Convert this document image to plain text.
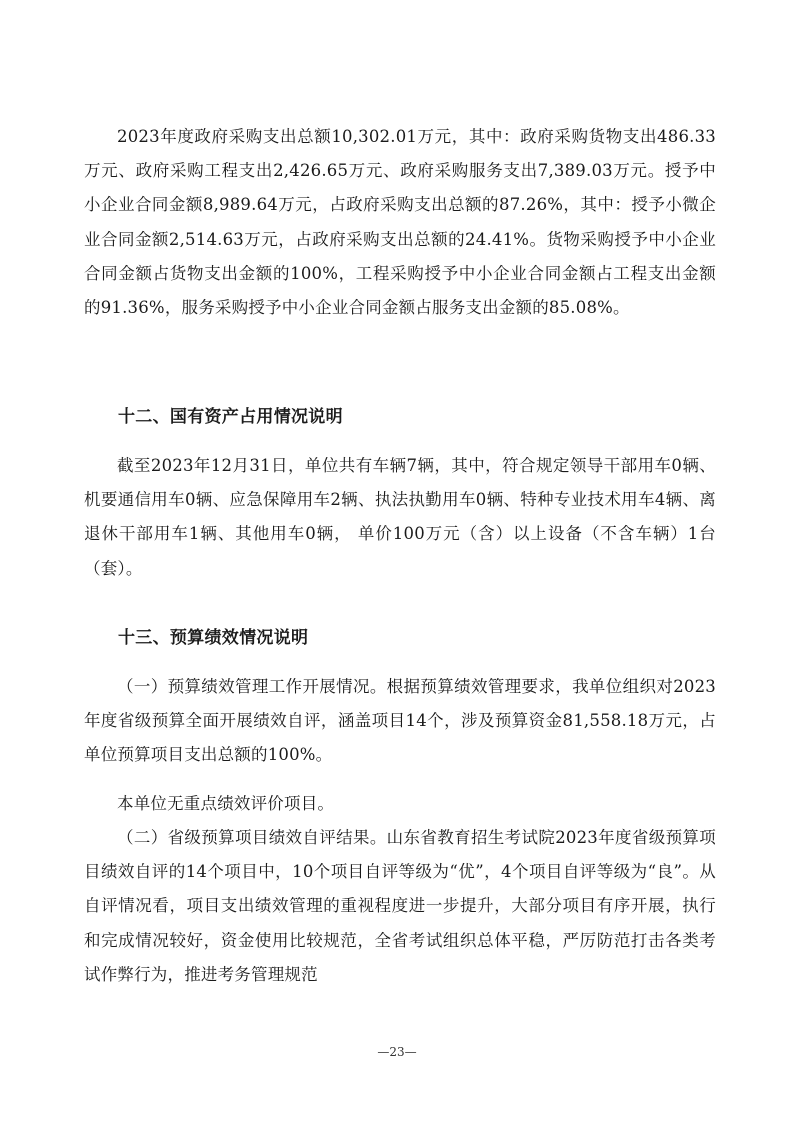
2023年度政府采购支出总额10,302.01万元，其中：政府采购货物支出486.33万元、政府采购工程支出2,426.65万元、政府采购服务支出7,389.03万元。授予中小企业合同金额8,989.64万元，占政府采购支出总额的87.26%，其中：授予小微企业合同金额2,514.63万元，占政府采购支出总额的24.41%。货物采购授予中小企业合同金额占货物支出金额的100%，工程采购授予中小企业合同金额占工程支出金额的91.36%，服务采购授予中小企业合同金额占服务支出金额的85.08%。

十二、国有资产占用情况说明

截至2023年12月31日，单位共有车辆7辆，其中，符合规定领导干部用车0辆、机要通信用车0辆、应急保障用车2辆、执法执勤用车0辆、特种专业技术用车4辆、离退休干部用车1辆、其他用车0辆， 单价100万元（含）以上设备（不含车辆）1台（套）。

十三、预算绩效情况说明

（一）预算绩效管理工作开展情况。根据预算绩效管理要求，我单位组织对2023年度省级预算全面开展绩效自评，涵盖项目14个，涉及预算资金81,558.18万元，占单位预算项目支出总额的100%。

本单位无重点绩效评价项目。

（二）省级预算项目绩效自评结果。山东省教育招生考试院2023年度省级预算项目绩效自评的14个项目中，10个项目自评等级为“优”，4个项目自评等级为“良”。从自评情况看，项目支出绩效管理的重视程度进一步提升，大部分项目有序开展，执行和完成情况较好，资金使用比较规范，全省考试组织总体平稳，严厉防范打击各类考试作弊行为，推进考务管理规范

—23—
